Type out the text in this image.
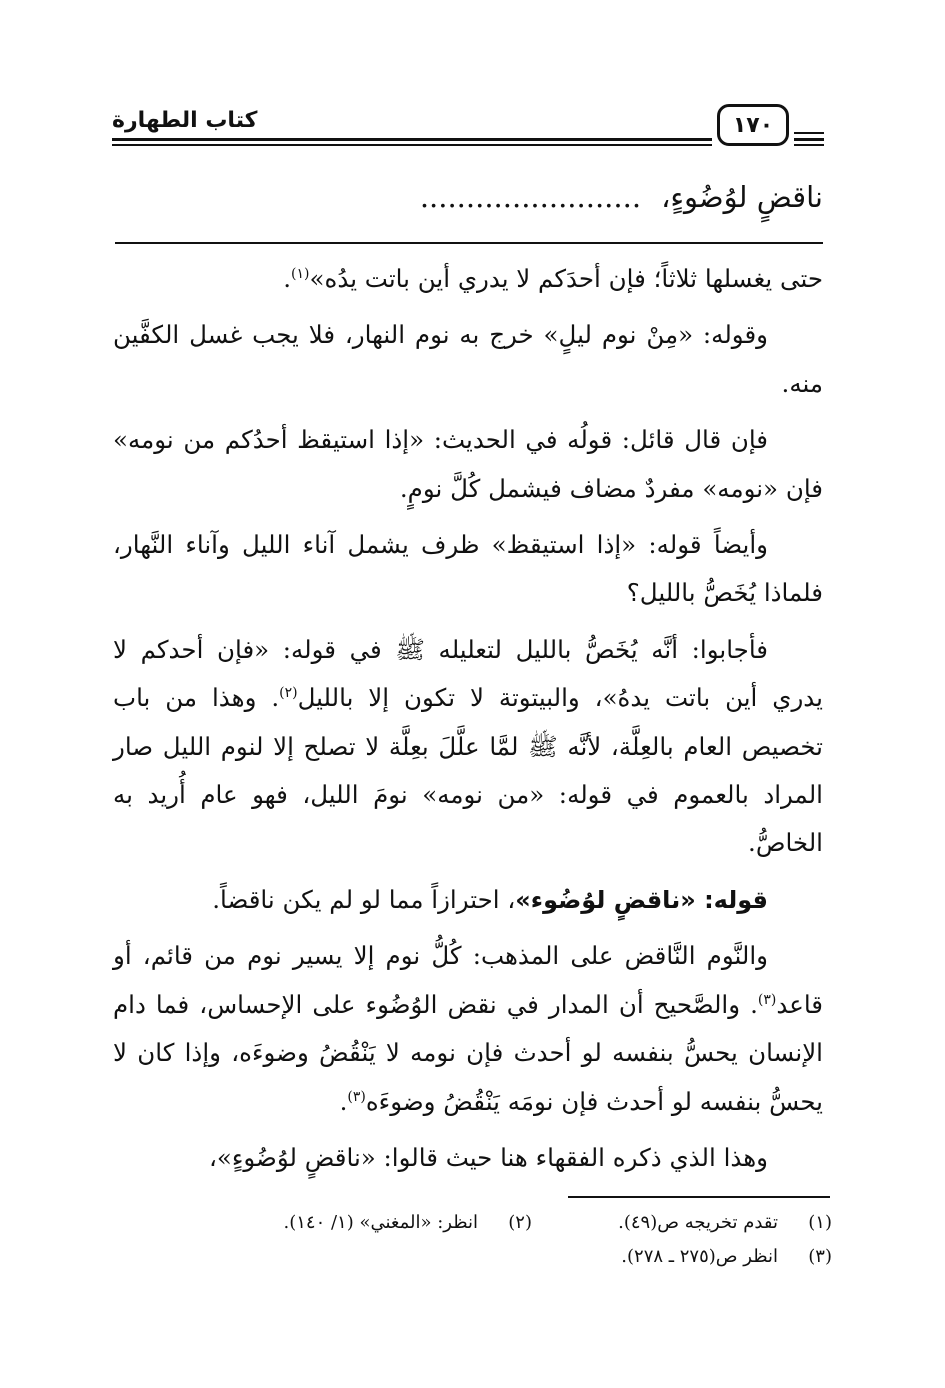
كتاب الطهارة	١٧٠
ناقضٍ لوُضُوءٍ،........................

حتى يغسلها ثلاثاً؛ فإن أحدَكم لا يدري أين باتت يدُه»$^{(١)}$.

وقوله: «مِنْ نوم ليلٍ» خرج به نوم النهار، فلا يجب غسل الكفَّين منه.

فإن قال قائل: قولُه في الحديث: «إذا استيقظ أحدُكم من نومه» فإن «نومه» مفردٌ مضاف فيشمل كُلَّ نومٍ.

وأيضاً قوله: «إذا استيقظ» ظرف يشمل آناء الليل وآناء النَّهار، فلماذا يُخَصُّ بالليل؟

فأجابوا: أنَّه يُخَصُّ بالليل لتعليله ﷺ في قوله: «فإن أحدكم لا يدري أين باتت يدهُ»، والبيتوتة لا تكون إلا بالليل$^{(٢)}$. وهذا من باب تخصيص العام بالعِلَّة، لأنَّه ﷺ لمَّا علَّلَ بعِلَّة لا تصلح إلا لنوم الليل صار المراد بالعموم في قوله: «من نومه» نومَ الليل، فهو عام أُريد به الخاصُّ.

قوله: «ناقضٍ لوُضُوء»، احترازاً مما لو لم يكن ناقضاً.

والنَّوم النَّاقض على المذهب: كُلُّ نوم إلا يسير نوم من قائم، أو قاعد$^{(٣)}$. والصَّحيح أن المدار في نقض الوُضُوء على الإحساس، فما دام الإنسان يحسُّ بنفسه لو أحدث فإن نومه لا يَنْقُضُ وضوءَه، وإذا كان لا يحسُّ بنفسه لو أحدث فإن نومَه يَنْقُضُ وضوءَه$^{(٣)}$.

وهذا الذي ذكره الفقهاء هنا حيث قالوا: «ناقضٍ لوُضُوءٍ»،

(١)
تقدم تخريجه ص(٤٩).
(٢)
انظر: «المغني» (١/ ١٤٠).
(٣)
انظر ص(٢٧٥ ـ ٢٧٨).
